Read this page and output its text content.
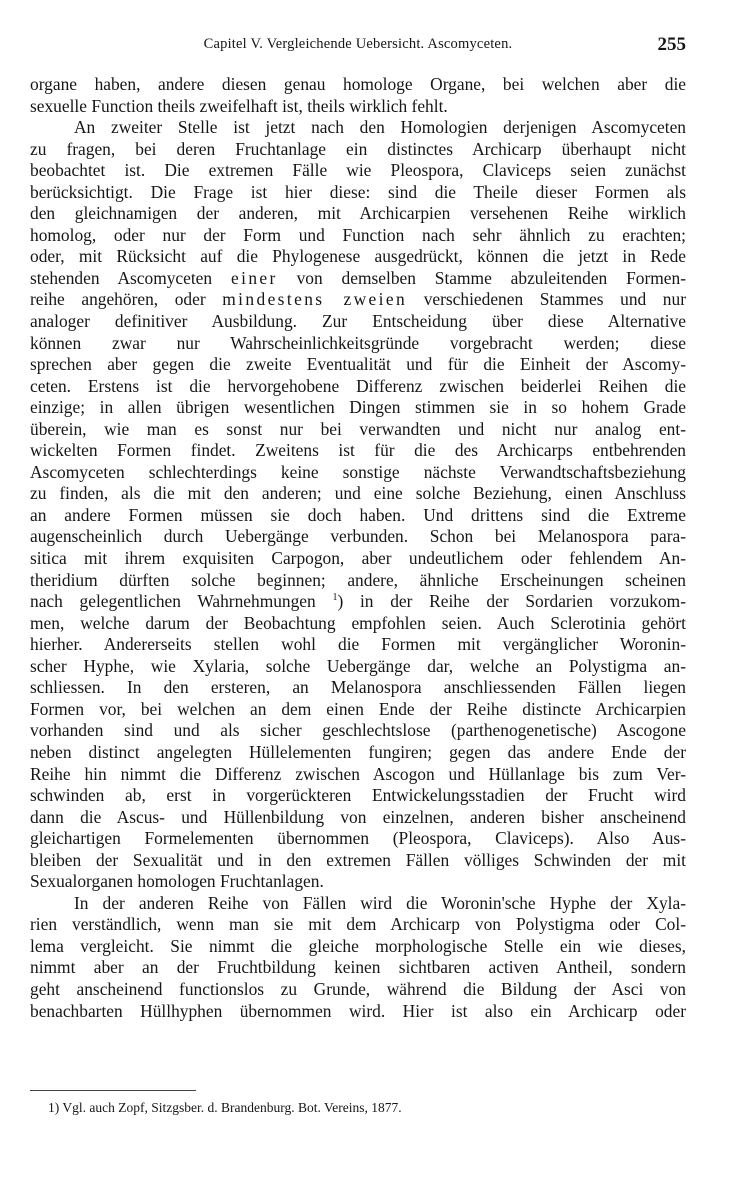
Capitel V. Vergleichende Uebersicht. Ascomyceten.	255
organe haben, andere diesen genau homologe Organe, bei welchen aber die
sexuelle Function theils zweifelhaft ist, theils wirklich fehlt.
An zweiter Stelle ist jetzt nach den Homologien derjenigen Ascomyceten
zu fragen, bei deren Fruchtanlage ein distinctes Archicarp überhaupt nicht
beobachtet ist. Die extremen Fälle wie Pleospora, Claviceps seien zunächst
berücksichtigt. Die Frage ist hier diese: sind die Theile dieser Formen als
den gleichnamigen der anderen, mit Archicarpien versehenen Reihe wirklich
homolog, oder nur der Form und Function nach sehr ähnlich zu erachten;
oder, mit Rücksicht auf die Phylogenese ausgedrückt, können die jetzt in Rede
stehenden Ascomyceten einer von demselben Stamme abzuleitenden Formen-
reihe angehören, oder mindestens zweien verschiedenen Stammes und nur
analoger definitiver Ausbildung. Zur Entscheidung über diese Alternative
können zwar nur Wahrscheinlichkeitsgründe vorgebracht werden; diese
sprechen aber gegen die zweite Eventualität und für die Einheit der Ascomy-
ceten. Erstens ist die hervorgehobene Differenz zwischen beiderlei Reihen die
einzige; in allen übrigen wesentlichen Dingen stimmen sie in so hohem Grade
überein, wie man es sonst nur bei verwandten und nicht nur analog ent-
wickelten Formen findet. Zweitens ist für die des Archicarps entbehrenden
Ascomyceten schlechterdings keine sonstige nächste Verwandtschaftsbeziehung
zu finden, als die mit den anderen; und eine solche Beziehung, einen Anschluss
an andere Formen müssen sie doch haben. Und drittens sind die Extreme
augenscheinlich durch Uebergänge verbunden. Schon bei Melanospora para-
sitica mit ihrem exquisiten Carpogon, aber undeutlichem oder fehlendem An-
theridium dürften solche beginnen; andere, ähnliche Erscheinungen scheinen
nach gelegentlichen Wahrnehmungen $^1$) in der Reihe der Sordarien vorzukom-
men, welche darum der Beobachtung empfohlen seien. Auch Sclerotinia gehört
hierher. Andererseits stellen wohl die Formen mit vergänglicher Woronin-
scher Hyphe, wie Xylaria, solche Uebergänge dar, welche an Polystigma an-
schliessen. In den ersteren, an Melanospora anschliessenden Fällen liegen
Formen vor, bei welchen an dem einen Ende der Reihe distincte Archicarpien
vorhanden sind und als sicher geschlechtslose (parthenogenetische) Ascogone
neben distinct angelegten Hüllelementen fungiren; gegen das andere Ende der
Reihe hin nimmt die Differenz zwischen Ascogon und Hüllanlage bis zum Ver-
schwinden ab, erst in vorgerückteren Entwickelungsstadien der Frucht wird
dann die Ascus- und Hüllenbildung von einzelnen, anderen bisher anscheinend
gleichartigen Formelementen übernommen (Pleospora, Claviceps). Also Aus-
bleiben der Sexualität und in den extremen Fällen völliges Schwinden der mit
Sexualorganen homologen Fruchtanlagen.
In der anderen Reihe von Fällen wird die Woronin'sche Hyphe der Xyla-
rien verständlich, wenn man sie mit dem Archicarp von Polystigma oder Col-
lema vergleicht. Sie nimmt die gleiche morphologische Stelle ein wie dieses,
nimmt aber an der Fruchtbildung keinen sichtbaren activen Antheil, sondern
geht anscheinend functionslos zu Grunde, während die Bildung der Asci von
benachbarten Hüllhyphen übernommen wird. Hier ist also ein Archicarp oder
1) Vgl. auch Zopf, Sitzgsber. d. Brandenburg. Bot. Vereins, 1877.
